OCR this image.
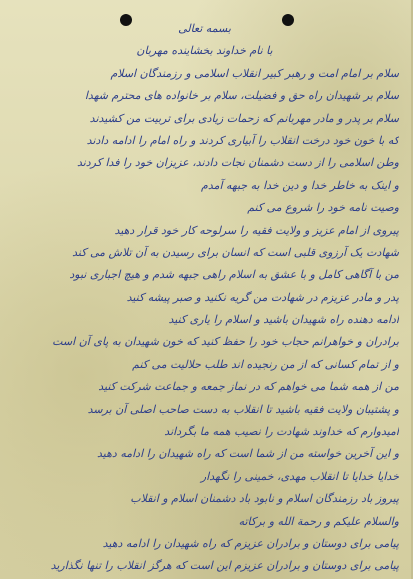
بسمه تعالی
با نام خداوند بخشاینده مهربان
سلام بر امام امت و رهبر کبیر انقلاب اسلامی و رزمندگان اسلام
سلام بر شهیدان راه حق و فضیلت، سلام بر خانواده های محترم شهدا
سلام بر پدر و مادر مهربانم که زحمات زیادی برای تربیت من کشیدند
که با خون خود درخت انقلاب را آبیاری کردند و راه امام را ادامه دادند
وطن اسلامی را از دست دشمنان نجات دادند، عزیزان خود را فدا کردند
و اینک به خاطر خدا و دین خدا به جبهه آمدم
وصیت نامه خود را شروع می کنم
پیروی از امام عزیز و ولایت فقیه را سرلوحه کار خود قرار دهید
شهادت یک آرزوی قلبی است که انسان برای رسیدن به آن تلاش می کند
من با آگاهی کامل و با عشق به اسلام راهی جبهه شدم و هیچ اجباری نبود
پدر و مادر عزیزم در شهادت من گریه نکنید و صبر پیشه کنید
ادامه دهنده راه شهیدان باشید و اسلام را یاری کنید
برادران و خواهرانم حجاب خود را حفظ کنید که خون شهیدان به پای آن است
و از تمام کسانی که از من رنجیده اند طلب حلالیت می کنم
من از همه شما می خواهم که در نماز جمعه و جماعت شرکت کنید
و پشتیبان ولایت فقیه باشید تا انقلاب به دست صاحب اصلی آن برسد
امیدوارم که خداوند شهادت را نصیب همه ما بگرداند
و این آخرین خواسته من از شما است که راه شهیدان را ادامه دهید
خدایا خدایا تا انقلاب مهدی، خمینی را نگهدار
پیروز باد رزمندگان اسلام و نابود باد دشمنان اسلام و انقلاب
والسلام علیکم و رحمة الله و برکاته
پیامی برای دوستان و برادران عزیزم که راه شهیدان را ادامه دهید
پیامی برای دوستان و برادران عزیزم این است که هرگز انقلاب را تنها نگذارید
